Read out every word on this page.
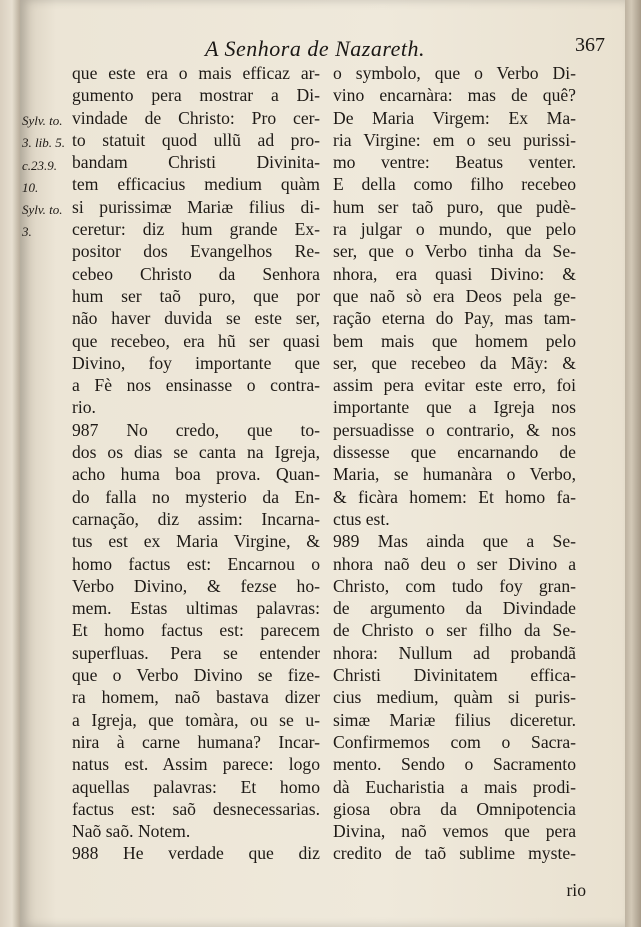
A Senhora de Nazareth.	367
Sylv. to.
3. lib. 5.
c.23.9.
10.
Sylv. to.
3.
que este era o mais efficaz ar-
gumento pera mostrar a Di-
vindade de Christo: Pro cer-
to statuit quod ullũ ad pro-
bandam Christi Divinita-
tem efficacius medium quàm
si purissimæ Mariæ filius di-
ceretur: diz hum grande Ex-
positor dos Evangelhos Re-
cebeo Christo da Senhora
hum ser taõ puro, que por
não haver duvida se este ser,
que recebeo, era hũ ser quasi
Divino, foy importante que
a Fè nos ensinasse o contra-
rio.
987 No credo, que to-
dos os dias se canta na Igreja,
acho huma boa prova. Quan-
do falla no mysterio da En-
carnação, diz assim: Incarna-
tus est ex Maria Virgine, &
homo factus est: Encarnou o
Verbo Divino, & fezse ho-
mem. Estas ultimas palavras:
Et homo factus est: parecem
superfluas. Pera se entender
que o Verbo Divino se fize-
ra homem, naõ bastava dizer
a Igreja, que tomàra, ou se u-
nira à carne humana? Incar-
natus est. Assim parece: logo
aquellas palavras: Et homo
factus est: saõ desnecessarias.
Naõ saõ. Notem.
988 He verdade que diz
o symbolo, que o Verbo Di-
vino encarnàra: mas de quê?
De Maria Virgem: Ex Ma-
ria Virgine: em o seu purissi-
mo ventre: Beatus venter.
E della como filho recebeo
hum ser taõ puro, que pudè-
ra julgar o mundo, que pelo
ser, que o Verbo tinha da Se-
nhora, era quasi Divino: &
que naõ sò era Deos pela ge-
ração eterna do Pay, mas tam-
bem mais que homem pelo
ser, que recebeo da Mãy: &
assim pera evitar este erro, foi
importante que a Igreja nos
persuadisse o contrario, & nos
dissesse que encarnando de
Maria, se humanàra o Verbo,
& ficàra homem: Et homo fa-
ctus est.
989 Mas ainda que a Se-
nhora naõ deu o ser Divino a
Christo, com tudo foy gran-
de argumento da Divindade
de Christo o ser filho da Se-
nhora: Nullum ad probandã
Christi Divinitatem effica-
cius medium, quàm si puris-
simæ Mariæ filius diceretur.
Confirmemos com o Sacra-
mento. Sendo o Sacramento
dà Eucharistia a mais prodi-
giosa obra da Omnipotencia
Divina, naõ vemos que pera
credito de taõ sublime myste-
rio
